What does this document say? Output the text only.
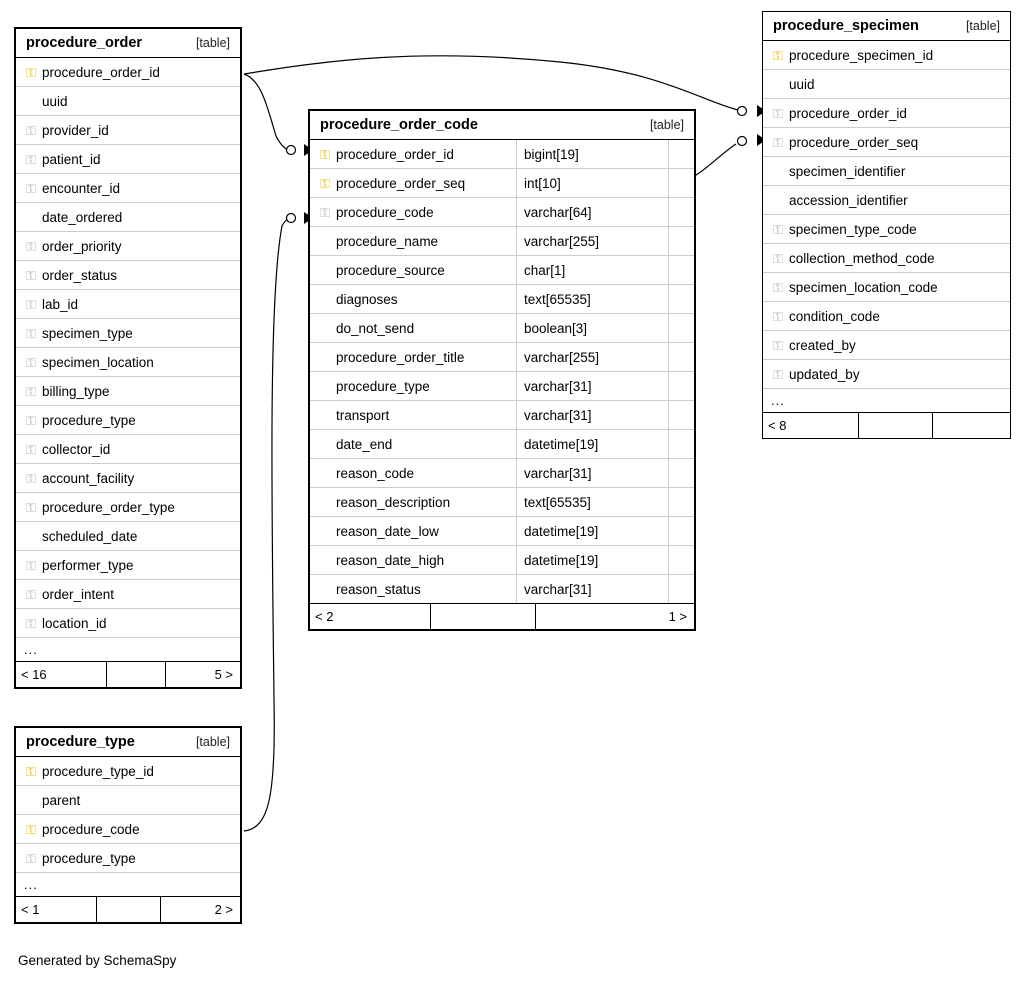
procedure_order	[table]
⚿ procedure_order_id
uuid
⚿ provider_id
⚿ patient_id
⚿ encounter_id
date_ordered
⚿ order_priority
⚿ order_status
⚿ lab_id
⚿ specimen_type
⚿ specimen_location
⚿ billing_type
⚿ procedure_type
⚿ collector_id
⚿ account_facility
⚿ procedure_order_type
scheduled_date
⚿ performer_type
⚿ order_intent
⚿ location_id
...
< 16	5 >
procedure_type	[table]
⚿ procedure_type_id
parent
⚿ procedure_code
⚿ procedure_type
...
< 1	2 >
procedure_order_code	[table]
⚿ procedure_order_id	bigint[19]
⚿ procedure_order_seq	int[10]
⚿ procedure_code	varchar[64]
procedure_name	varchar[255]
procedure_source	char[1]
diagnoses	text[65535]
do_not_send	boolean[3]
procedure_order_title	varchar[255]
procedure_type	varchar[31]
transport	varchar[31]
date_end	datetime[19]
reason_code	varchar[31]
reason_description	text[65535]
reason_date_low	datetime[19]
reason_date_high	datetime[19]
reason_status	varchar[31]
< 2	1 >
procedure_specimen	[table]
⚿ procedure_specimen_id
uuid
⚿ procedure_order_id
⚿ procedure_order_seq
specimen_identifier
accession_identifier
⚿ specimen_type_code
⚿ collection_method_code
⚿ specimen_location_code
⚿ condition_code
⚿ created_by
⚿ updated_by
...
< 8
Generated by SchemaSpy
